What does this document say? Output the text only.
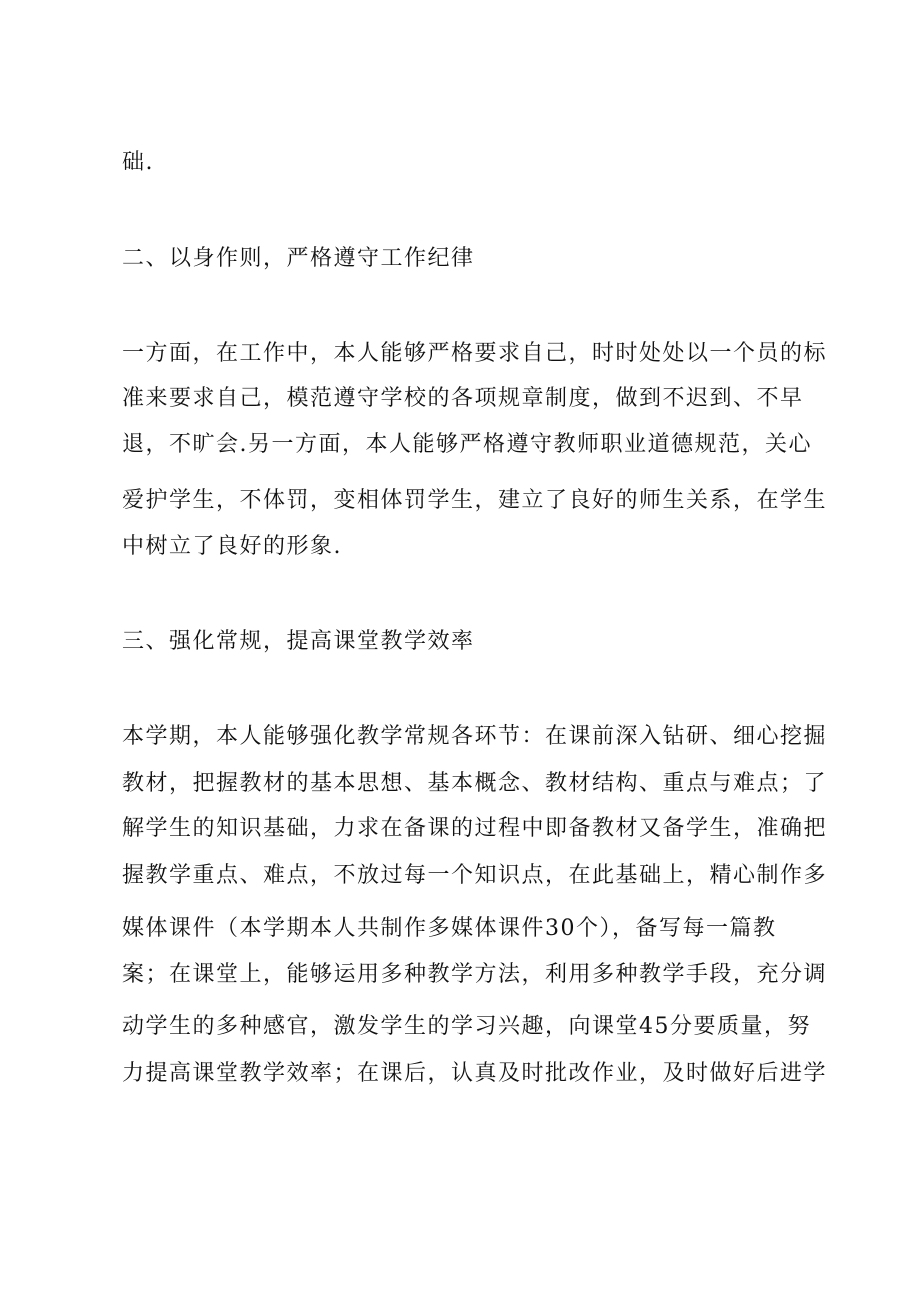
础.
二、以身作则，严格遵守工作纪律
一方面，在工作中，本人能够严格要求自己，时时处处以一个员的标
准来要求自己，模范遵守学校的各项规章制度，做到不迟到、不早
退，不旷会.另一方面，本人能够严格遵守教师职业道德规范，关心
爱护学生，不体罚，变相体罚学生，建立了良好的师生关系，在学生
中树立了良好的形象.
三、强化常规，提高课堂教学效率
本学期，本人能够强化教学常规各环节：在课前深入钻研、细心挖掘
教材，把握教材的基本思想、基本概念、教材结构、重点与难点；了
解学生的知识基础，力求在备课的过程中即备教材又备学生，准确把
握教学重点、难点，不放过每一个知识点，在此基础上，精心制作多
媒体课件（本学期本人共制作多媒体课件30个），备写每一篇教
案；在课堂上，能够运用多种教学方法，利用多种教学手段，充分调
动学生的多种感官，激发学生的学习兴趣，向课堂45分要质量，努
力提高课堂教学效率；在课后，认真及时批改作业，及时做好后进学
